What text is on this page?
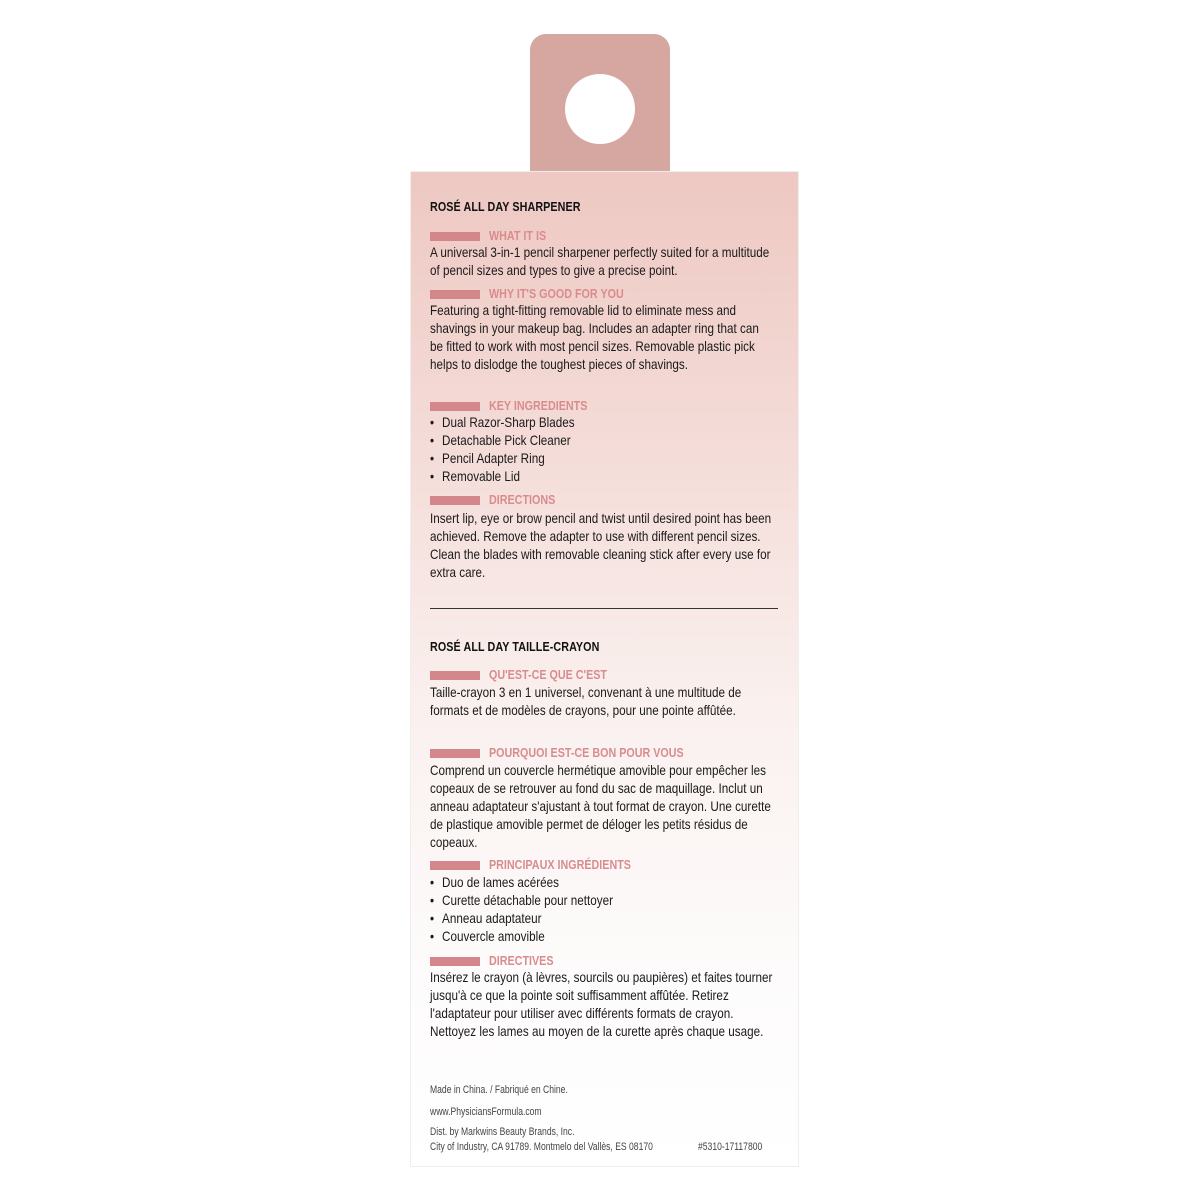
ROSÉ ALL DAY SHARPENER
WHAT IT IS

A universal 3-in-1 pencil sharpener perfectly suited for a multitude of pencil sizes and types to give a precise point.

WHY IT'S GOOD FOR YOU

Featuring a tight-fitting removable lid to eliminate mess and shavings in your makeup bag. Includes an adapter ring that can be fitted to work with most pencil sizes. Removable plastic pick helps to dislodge the toughest pieces of shavings.

KEY INGREDIENTS
• Dual Razor-Sharp Blades
• Detachable Pick Cleaner
• Pencil Adapter Ring
• Removable Lid
DIRECTIONS

Insert lip, eye or brow pencil and twist until desired point has been achieved. Remove the adapter to use with different pencil sizes. Clean the blades with removable cleaning stick after every use for extra care.

ROSÉ ALL DAY TAILLE-CRAYON
QU'EST-CE QUE C'EST

Taille-crayon 3 en 1 universel, convenant à une multitude de formats et de modèles de crayons, pour une pointe affûtée.

POURQUOI EST-CE BON POUR VOUS

Comprend un couvercle hermétique amovible pour empêcher les copeaux de se retrouver au fond du sac de maquillage. Inclut un anneau adaptateur s'ajustant à tout format de crayon. Une curette de plastique amovible permet de déloger les petits résidus de copeaux.

PRINCIPAUX INGRÉDIENTS
• Duo de lames acérées
• Curette détachable pour nettoyer
• Anneau adaptateur
• Couvercle amovible
DIRECTIVES

Insérez le crayon (à lèvres, sourcils ou paupières) et faites tourner jusqu'à ce que la pointe soit suffisamment affûtée. Retirez l'adaptateur pour utiliser avec différents formats de crayon. Nettoyez les lames au moyen de la curette après chaque usage.

Made in China. / Fabriqué en Chine.
www.PhysiciansFormula.com
Dist. by Markwins Beauty Brands, Inc.
City of Industry, CA 91789. Montmelo del Vallès, ES 08170	#5310-17117800
